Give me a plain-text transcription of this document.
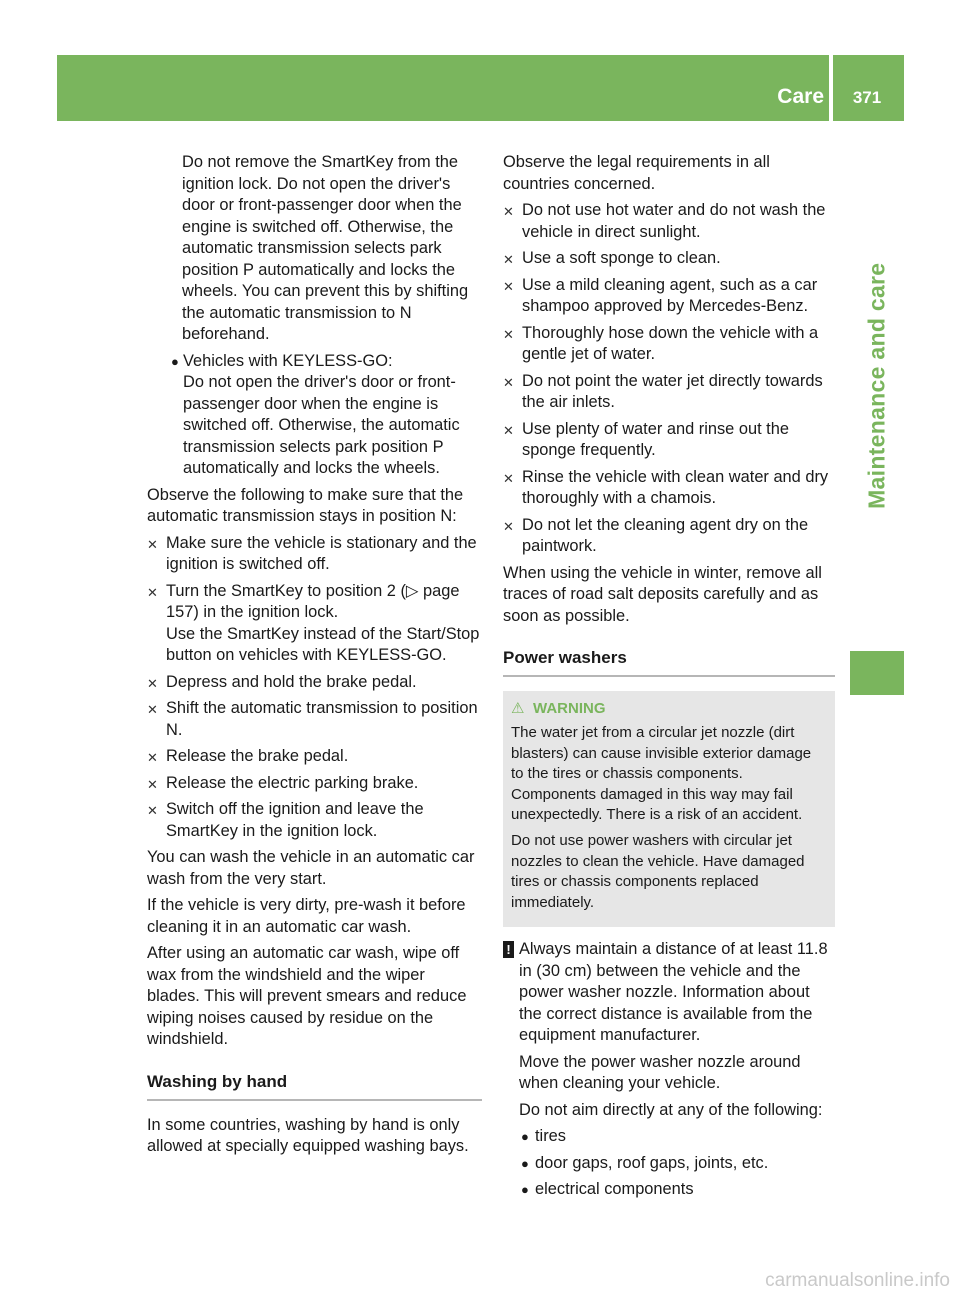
Care	371
Maintenance and care

Do not remove the SmartKey from the ignition lock. Do not open the driver's door or front-passenger door when the engine is switched off. Otherwise, the automatic transmission selects park position P automatically and locks the wheels. You can prevent this by shifting the automatic transmission to N beforehand.

● Vehicles with KEYLESS-GO:
Do not open the driver's door or front-passenger door when the engine is switched off. Otherwise, the automatic transmission selects park position P automatically and locks the wheels.

Observe the following to make sure that the automatic transmission stays in position N:

✕ Make sure the vehicle is stationary and the ignition is switched off.
✕ Turn the SmartKey to position 2 (▷ page 157) in the ignition lock.
Use the SmartKey instead of the Start/Stop button on vehicles with KEYLESS-GO.
✕ Depress and hold the brake pedal.
✕ Shift the automatic transmission to position N.
✕ Release the brake pedal.
✕ Release the electric parking brake.
✕ Switch off the ignition and leave the SmartKey in the ignition lock.

You can wash the vehicle in an automatic car wash from the very start.

If the vehicle is very dirty, pre-wash it before cleaning it in an automatic car wash.

After using an automatic car wash, wipe off wax from the windshield and the wiper blades. This will prevent smears and reduce wiping noises caused by residue on the windshield.

Washing by hand

In some countries, washing by hand is only allowed at specially equipped washing bays.

Observe the legal requirements in all countries concerned.

✕ Do not use hot water and do not wash the vehicle in direct sunlight.
✕ Use a soft sponge to clean.
✕ Use a mild cleaning agent, such as a car shampoo approved by Mercedes-Benz.
✕ Thoroughly hose down the vehicle with a gentle jet of water.
✕ Do not point the water jet directly towards the air inlets.
✕ Use plenty of water and rinse out the sponge frequently.
✕ Rinse the vehicle with clean water and dry thoroughly with a chamois.
✕ Do not let the cleaning agent dry on the paintwork.

When using the vehicle in winter, remove all traces of road salt deposits carefully and as soon as possible.

Power washers
⚠ WARNING

The water jet from a circular jet nozzle (dirt blasters) can cause invisible exterior damage to the tires or chassis components. Components damaged in this way may fail unexpectedly. There is a risk of an accident.

Do not use power washers with circular jet nozzles to clean the vehicle. Have damaged tires or chassis components replaced immediately.

! Always maintain a distance of at least 11.8 in (30 cm) between the vehicle and the power washer nozzle. Information about the correct distance is available from the equipment manufacturer.

Move the power washer nozzle around when cleaning your vehicle.

Do not aim directly at any of the following:

● tires
● door gaps, roof gaps, joints, etc.
● electrical components
carmanualsonline.info
